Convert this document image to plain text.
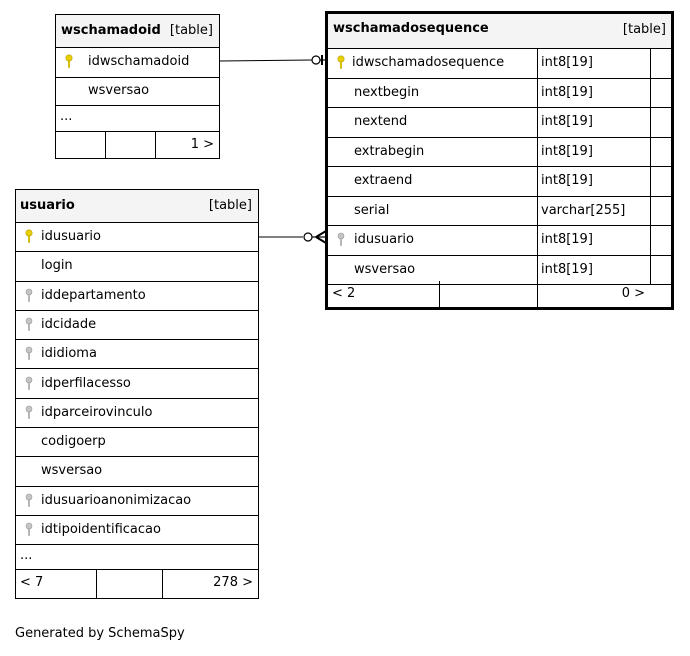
wschamadoid [table]
idwschamadoid
wsversao
...
1 >
wschamadosequence	[table]
idwschamadosequence	int8[19]
nextbegin	int8[19]
nextend	int8[19]
extrabegin	int8[19]
extraend	int8[19]
serial	varchar[255]
idusuario	int8[19]
wsversao	int8[19]
< 2	0 >
usuario	[table]
idusuario
login
iddepartamento
idcidade
ididioma
idperfilacesso
idparceirovinculo
codigoerp
wsversao
idusuarioanonimizacao
idtipoidentificacao
...
< 7	278 >
Generated by SchemaSpy
